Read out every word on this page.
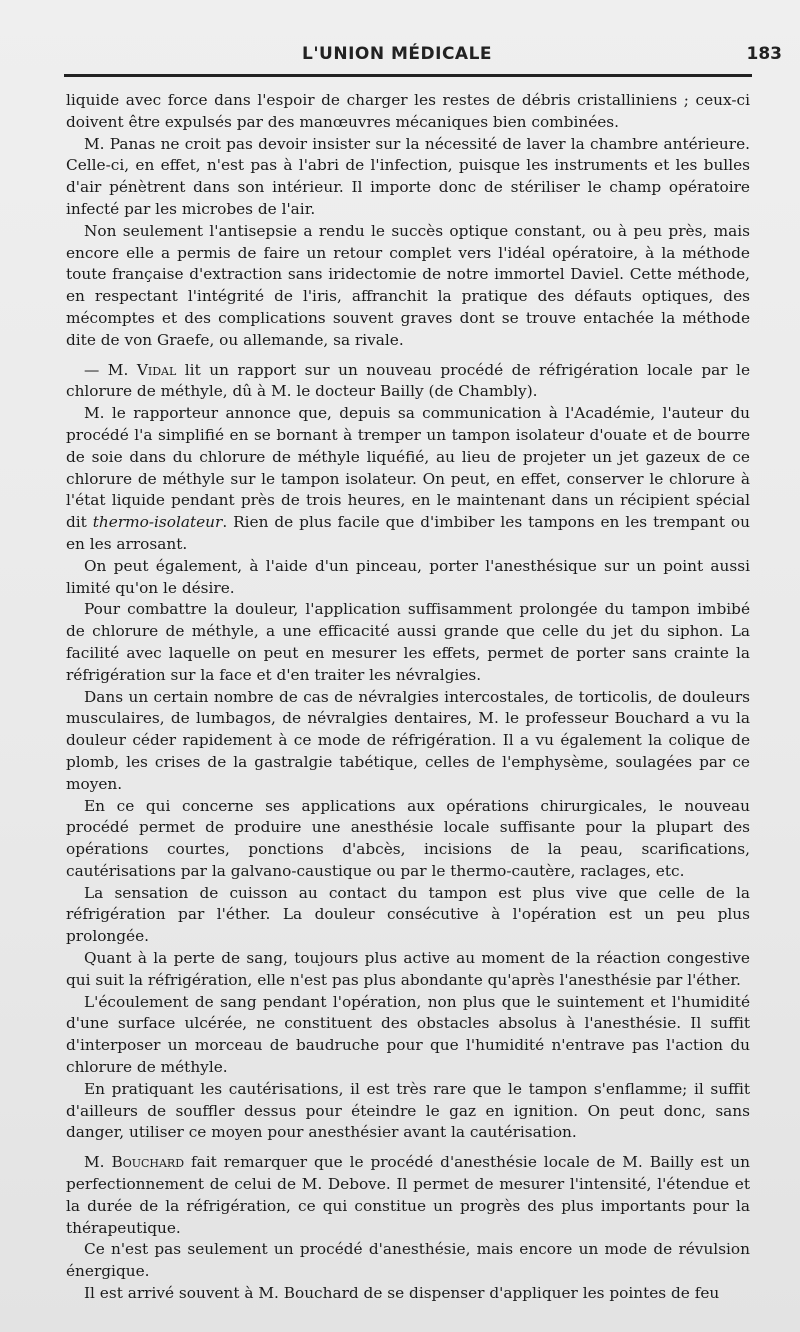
L'UNION MÉDICALE	183

liquide avec force dans l'espoir de charger les restes de débris cristalliniens ; ceux-ci doivent être expulsés par des manœuvres mécaniques bien combinées.

M. Panas ne croit pas devoir insister sur la nécessité de laver la chambre antérieure. Celle-ci, en effet, n'est pas à l'abri de l'infection, puisque les instruments et les bulles d'air pénètrent dans son intérieur. Il importe donc de stériliser le champ opératoire infecté par les microbes de l'air.

Non seulement l'antisepsie a rendu le succès optique constant, ou à peu près, mais encore elle a permis de faire un retour complet vers l'idéal opératoire, à la méthode toute française d'extraction sans iridectomie de notre immortel Daviel. Cette méthode, en respectant l'intégrité de l'iris, affranchit la pratique des défauts optiques, des mécomptes et des complications souvent graves dont se trouve entachée la méthode dite de von Graefe, ou allemande, sa rivale.

— M. Vidal lit un rapport sur un nouveau procédé de réfrigération locale par le chlorure de méthyle, dû à M. le docteur Bailly (de Chambly).

M. le rapporteur annonce que, depuis sa communication à l'Académie, l'auteur du procédé l'a simplifié en se bornant à tremper un tampon isolateur d'ouate et de bourre de soie dans du chlorure de méthyle liquéfié, au lieu de projeter un jet gazeux de ce chlorure de méthyle sur le tampon isolateur. On peut, en effet, conserver le chlorure à l'état liquide pendant près de trois heures, en le maintenant dans un récipient spécial dit thermo-isolateur. Rien de plus facile que d'imbiber les tampons en les trempant ou en les arrosant.

On peut également, à l'aide d'un pinceau, porter l'anesthésique sur un point aussi limité qu'on le désire.

Pour combattre la douleur, l'application suffisamment prolongée du tampon imbibé de chlorure de méthyle, a une efficacité aussi grande que celle du jet du siphon. La facilité avec laquelle on peut en mesurer les effets, permet de porter sans crainte la réfrigération sur la face et d'en traiter les névralgies.

Dans un certain nombre de cas de névralgies intercostales, de torticolis, de douleurs musculaires, de lumbagos, de névralgies dentaires, M. le professeur Bouchard a vu la douleur céder rapidement à ce mode de réfrigération. Il a vu également la colique de plomb, les crises de la gastralgie tabétique, celles de l'emphysème, soulagées par ce moyen.

En ce qui concerne ses applications aux opérations chirurgicales, le nouveau procédé permet de produire une anesthésie locale suffisante pour la plupart des opérations courtes, ponctions d'abcès, incisions de la peau, scarifications, cautérisations par la galvano-caustique ou par le thermo-cautère, raclages, etc.

La sensation de cuisson au contact du tampon est plus vive que celle de la réfrigération par l'éther. La douleur consécutive à l'opération est un peu plus prolongée.

Quant à la perte de sang, toujours plus active au moment de la réaction congestive qui suit la réfrigération, elle n'est pas plus abondante qu'après l'anesthésie par l'éther.

L'écoulement de sang pendant l'opération, non plus que le suintement et l'humidité d'une surface ulcérée, ne constituent des obstacles absolus à l'anesthésie. Il suffit d'interposer un morceau de baudruche pour que l'humidité n'entrave pas l'action du chlorure de méthyle.

En pratiquant les cautérisations, il est très rare que le tampon s'enflamme; il suffit d'ailleurs de souffler dessus pour éteindre le gaz en ignition. On peut donc, sans danger, utiliser ce moyen pour anesthésier avant la cautérisation.

M. Bouchard fait remarquer que le procédé d'anesthésie locale de M. Bailly est un perfectionnement de celui de M. Debove. Il permet de mesurer l'intensité, l'étendue et la durée de la réfrigération, ce qui constitue un progrès des plus importants pour la thérapeutique.

Ce n'est pas seulement un procédé d'anesthésie, mais encore un mode de révulsion énergique.

Il est arrivé souvent à M. Bouchard de se dispenser d'appliquer les pointes de feu
